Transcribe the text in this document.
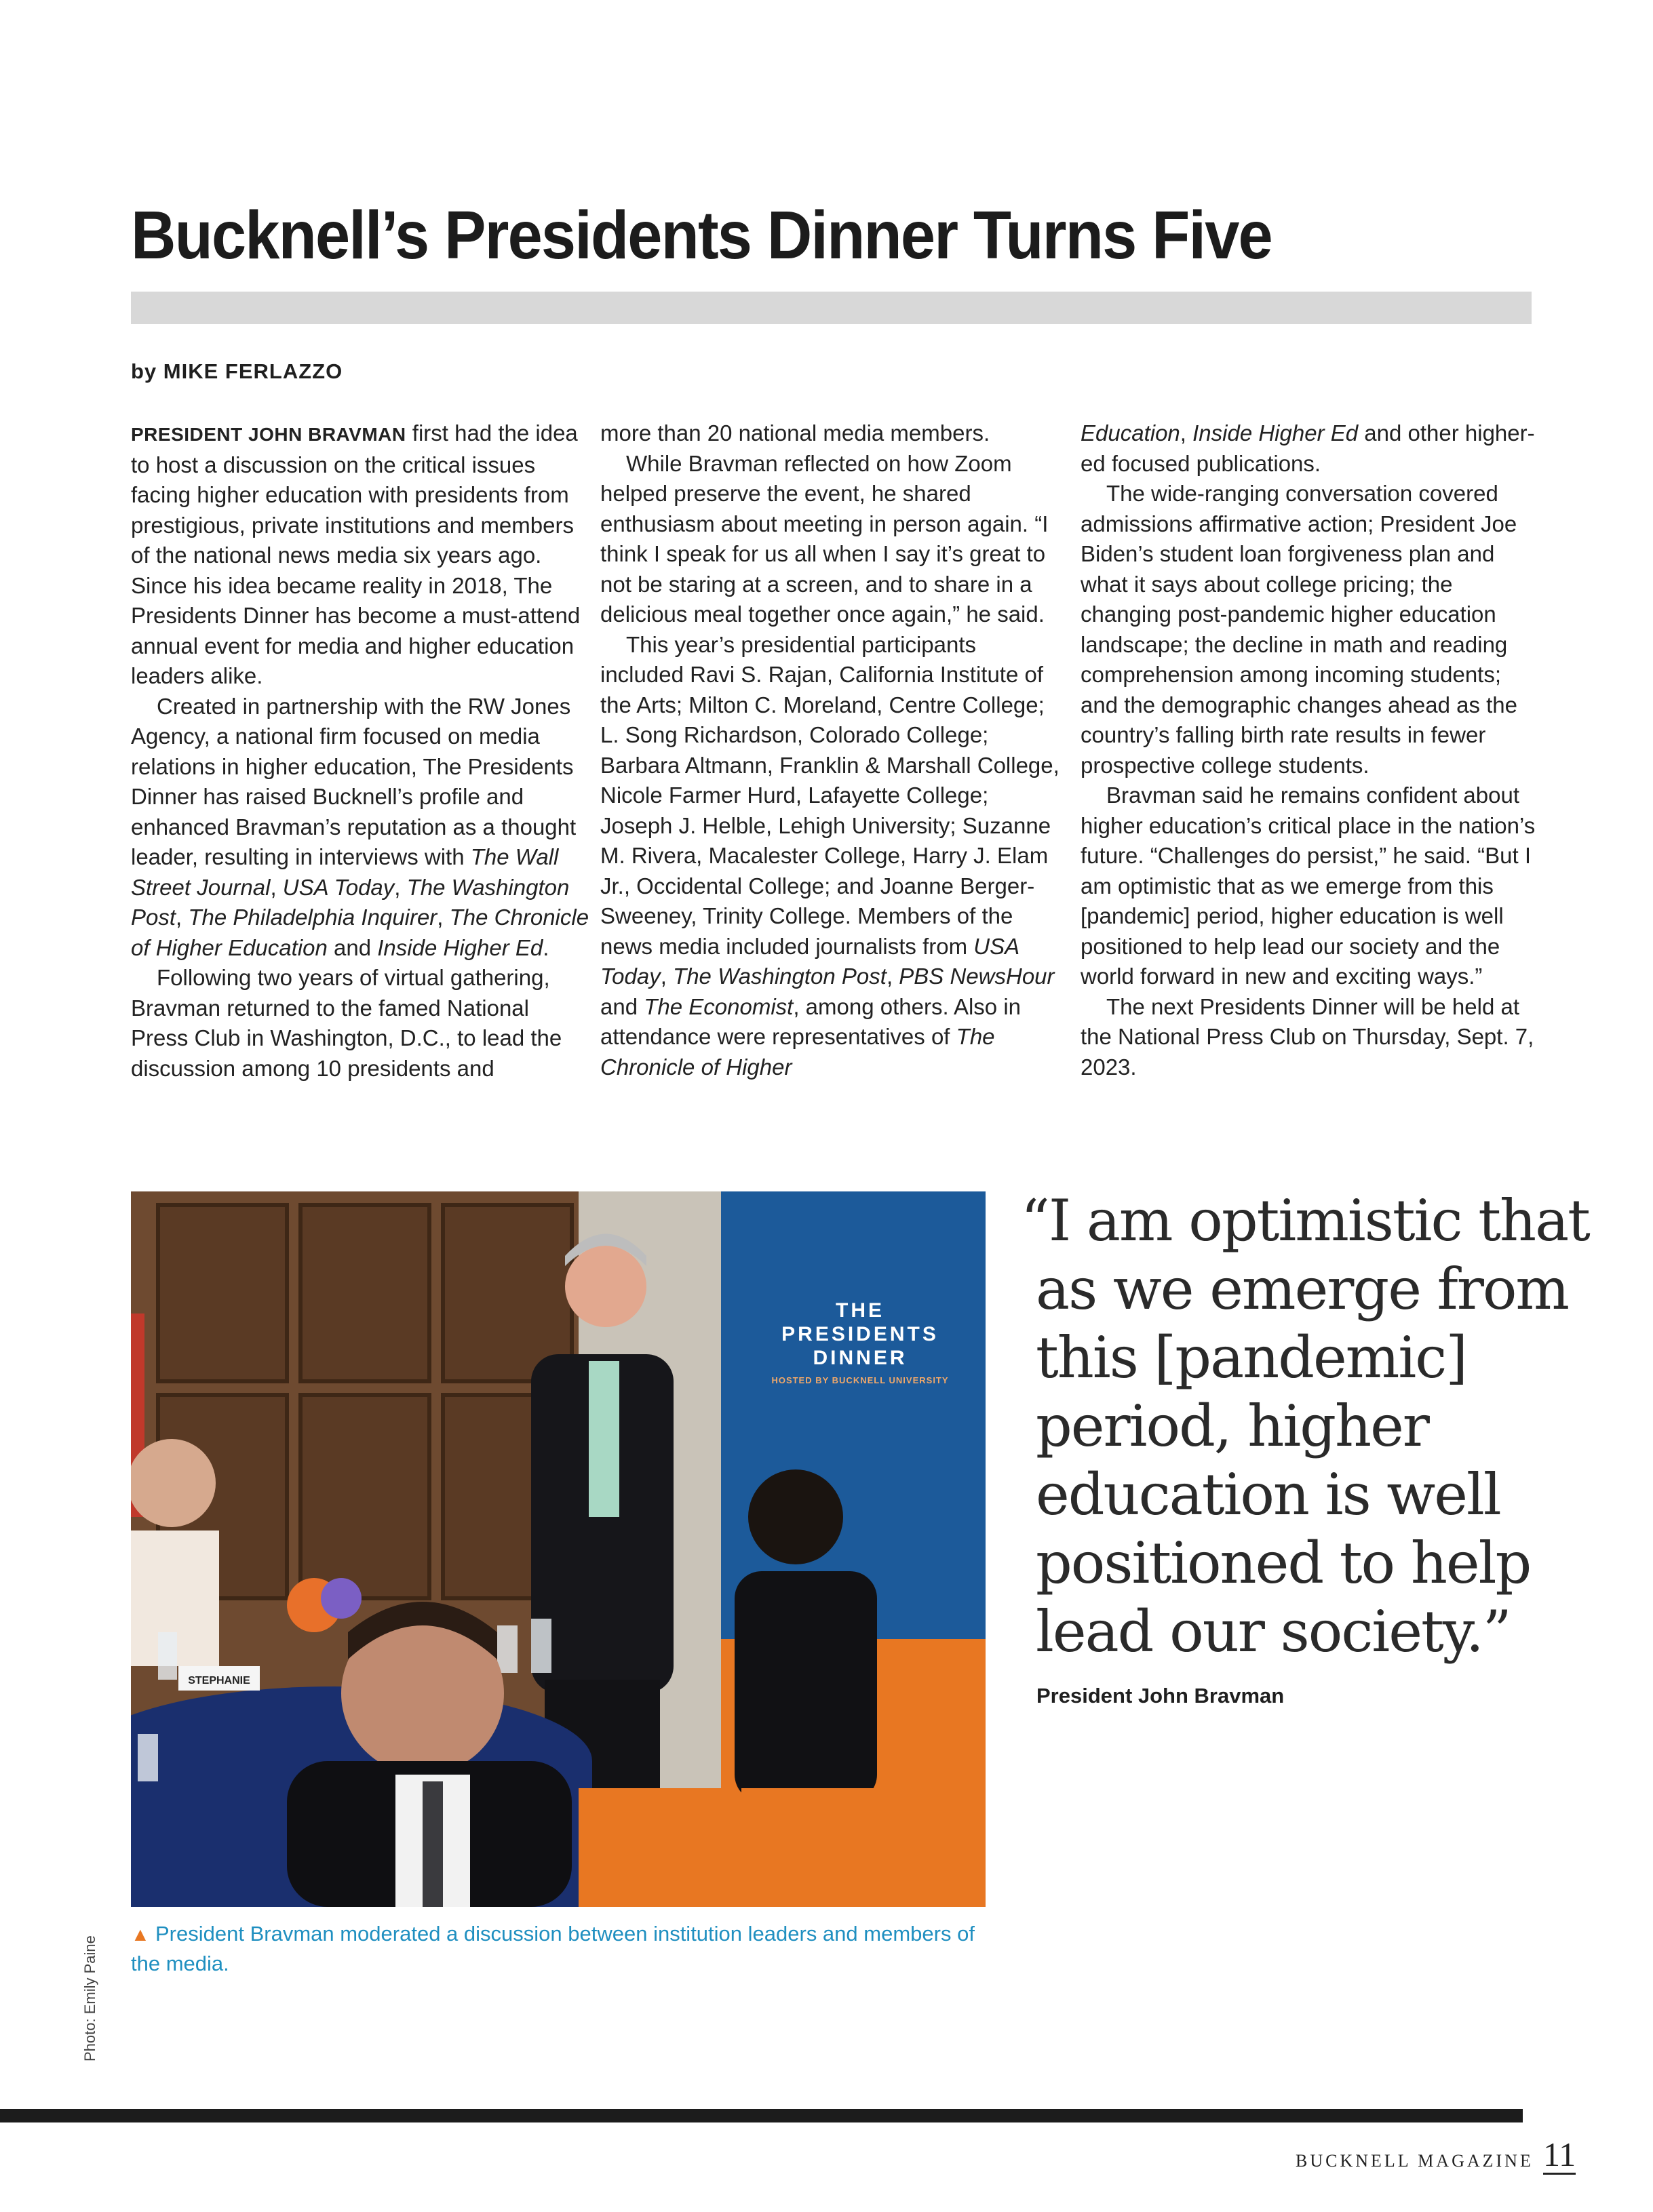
Bucknell’s Presidents Dinner Turns Five
by MIKE FERLAZZO

PRESIDENT JOHN BRAVMAN first had the idea to host a discussion on the critical issues facing higher education with presidents from prestigious, private institutions and members of the national news media six years ago. Since his idea became reality in 2018, The Presidents Dinner has become a must-attend annual event for media and higher education leaders alike.

Created in partnership with the RW Jones Agency, a national firm focused on media relations in higher education, The Presidents Dinner has raised Bucknell’s profile and enhanced Bravman’s reputation as a thought leader, resulting in interviews with The Wall Street Journal, USA Today, The Washington Post, The Philadelphia Inquirer, The Chronicle of Higher Education and Inside Higher Ed.

Following two years of virtual gathering, Bravman returned to the famed National Press Club in Washington, D.C., to lead the discussion among 10 presidents and

more than 20 national media members.

While Bravman reflected on how Zoom helped preserve the event, he shared enthusiasm about meeting in person again. “I think I speak for us all when I say it’s great to not be staring at a screen, and to share in a delicious meal together once again,” he said.

This year’s presidential participants included Ravi S. Rajan, California Institute of the Arts; Milton C. Moreland, Centre College; L. Song Richardson, Colorado College; Barbara Altmann, Franklin & Marshall College, Nicole Farmer Hurd, Lafayette College; Joseph J. Helble, Lehigh University; Suzanne M. Rivera, Macalester College, Harry J. Elam Jr., Occidental College; and Joanne Berger-Sweeney, Trinity College. Members of the news media included journalists from USA Today, The Washington Post, PBS NewsHour and The Economist, among others. Also in attendance were representatives of The Chronicle of Higher

Education, Inside Higher Ed and other higher-ed focused publications.

The wide-ranging conversation covered admissions affirmative action; President Joe Biden’s student loan forgiveness plan and what it says about college pricing; the changing post-pandemic higher education landscape; the decline in math and reading comprehension among incoming students; and the demographic changes ahead as the country’s falling birth rate results in fewer prospective college students.

Bravman said he remains confident about higher education’s critical place in the nation’s future. “Challenges do persist,” he said. “But I am optimistic that as we emerge from this [pandemic] period, higher education is well positioned to help lead our society and the world forward in new and exciting ways.”

The next Presidents Dinner will be held at the National Press Club on Thursday, Sept. 7, 2023.

THE
PRESIDENTS
DINNER
HOSTED BY BUCKNELL UNIVERSITY
STEPHANIE
▲ President Bravman moderated a discussion between institution leaders and members of the media.
Photo: Emily Paine
“I am optimistic that
as we emerge from
this [pandemic]
period, higher
education is well
positioned to help
lead our society.”
President John Bravman
BUCKNELL MAGAZINE 11
